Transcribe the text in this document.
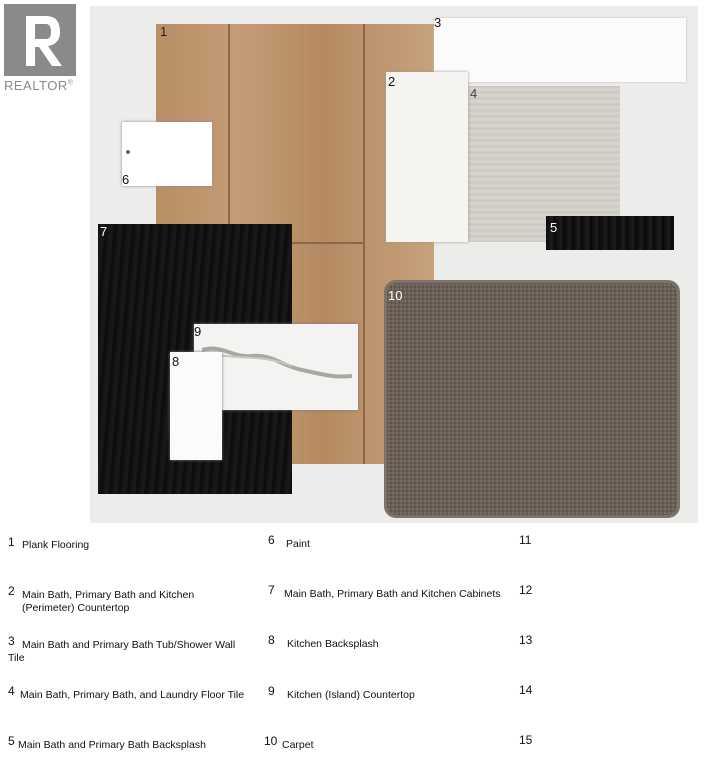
REALTOR®
1
3
4
2
6
5
7
10
9
8
1 Plank Flooring
2 Main Bath, Primary Bath and Kitchen (Perimeter) Countertop
3 Main Bath and Primary Bath Tub/Shower Wall Tile
4 Main Bath, Primary Bath, and Laundry Floor Tile
5 Main Bath and Primary Bath Backsplash
6 Paint
7 Main Bath, Primary Bath and Kitchen Cabinets
8 Kitchen Backsplash
9 Kitchen (Island) Countertop
10 Carpet
11
12
13
14
15
